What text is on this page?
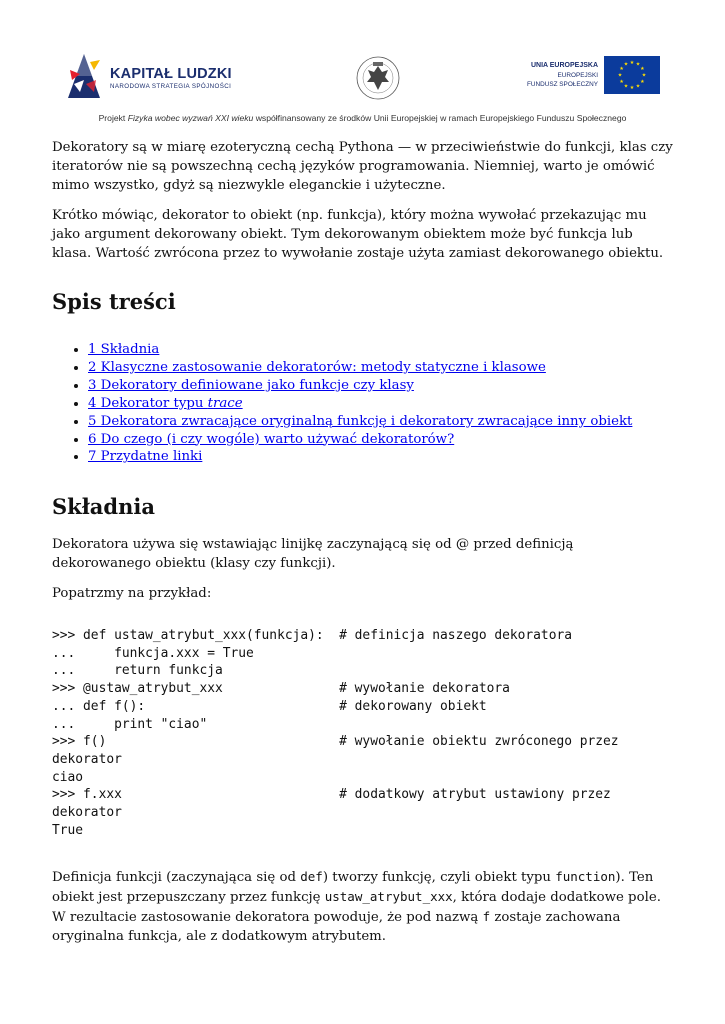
KAPITAŁ LUDZKI
NARODOWA STRATEGIA SPÓJNOŚCI
UNIA EUROPEJSKA
EUROPEJSKI
FUNDUSZ SPOŁECZNY
★ ★
★
★
★
★
★
★
★
★
★
★
Projekt Fizyka wobec wyzwań XXI wieku współfinansowany ze środków Unii Europejskiej w ramach Europejskiego Funduszu Społecznego

Dekoratory są w miarę ezoteryczną cechą Pythona — w przeciwieństwie do funkcji, klas czy iteratorów nie są powszechną cechą języków programowania. Niemniej, warto je omówić mimo wszystko, gdyż są niezwykle eleganckie i użyteczne.

Krótko mówiąc, dekorator to obiekt (np. funkcja), który można wywołać przekazując mu jako argument dekorowany obiekt. Tym dekorowanym obiektem może być funkcja lub klasa. Wartość zwrócona przez to wywołanie zostaje użyta zamiast dekorowanego obiektu.

Spis treści
• 1 Składnia
• 2 Klasyczne zastosowanie dekoratorów: metody statyczne i klasowe
• 3 Dekoratory definiowane jako funkcje czy klasy
• 4 Dekorator typu trace
• 5 Dekoratora zwracające oryginalną funkcję i dekoratory zwracające inny obiekt
• 6 Do czego (i czy wogóle) warto używać dekoratorów?
• 7 Przydatne linki
Składnia

Dekoratora używa się wstawiając linijkę zaczynającą się od @ przed definicją dekorowanego obiektu (klasy czy funkcji).

Popatrzmy na przykład:

>>> def ustaw_atrybut_xxx(funkcja):  # definicja naszego dekoratora
...     funkcja.xxx = True
...     return funkcja
>>> @ustaw_atrybut_xxx               # wywołanie dekoratora
... def f():                         # dekorowany obiekt
...     print "ciao"
>>> f()                              # wywołanie obiektu zwróconego przez
dekorator
ciao
>>> f.xxx                            # dodatkowy atrybut ustawiony przez
dekorator
True

Definicja funkcji (zaczynająca się od def) tworzy funkcję, czyli obiekt typu function). Ten obiekt jest przepuszczany przez funkcję ustaw_atrybut_xxx, która dodaje dodatkowe pole. W rezultacie zastosowanie dekoratora powoduje, że pod nazwą f zostaje zachowana oryginalna funkcja, ale z dodatkowym atrybutem.
